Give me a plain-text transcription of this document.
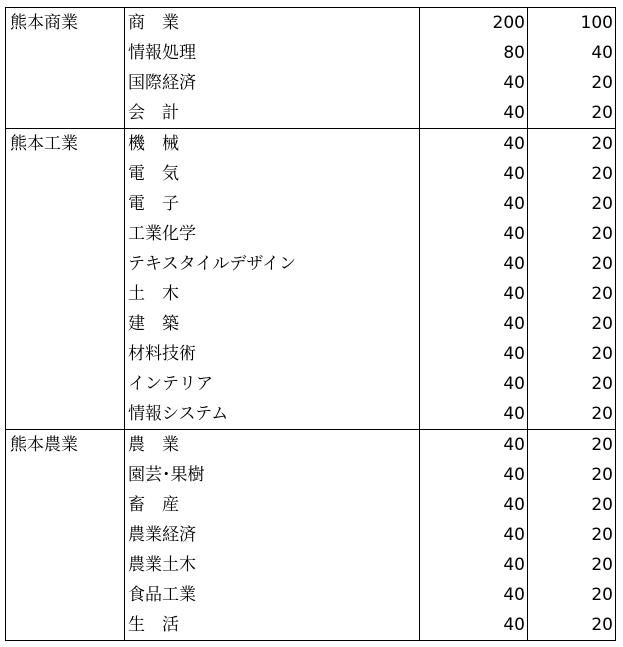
熊本商業	商　業	200	100
	情報処理	80	40
	国際経済	40	20
	会　計	40	20
熊本工業	機　械	40	20
	電　気	40	20
	電　子	40	20
	工業化学	40	20
	テキスタイルデザイン	40	20
	土　木	40	20
	建　築	40	20
	材料技術	40	20
	インテリア	40	20
	情報システム	40	20
熊本農業	農　業	40	20
	園芸･果樹	40	20
	畜　産	40	20
	農業経済	40	20
	農業土木	40	20
	食品工業	40	20
	生　活	40	20
